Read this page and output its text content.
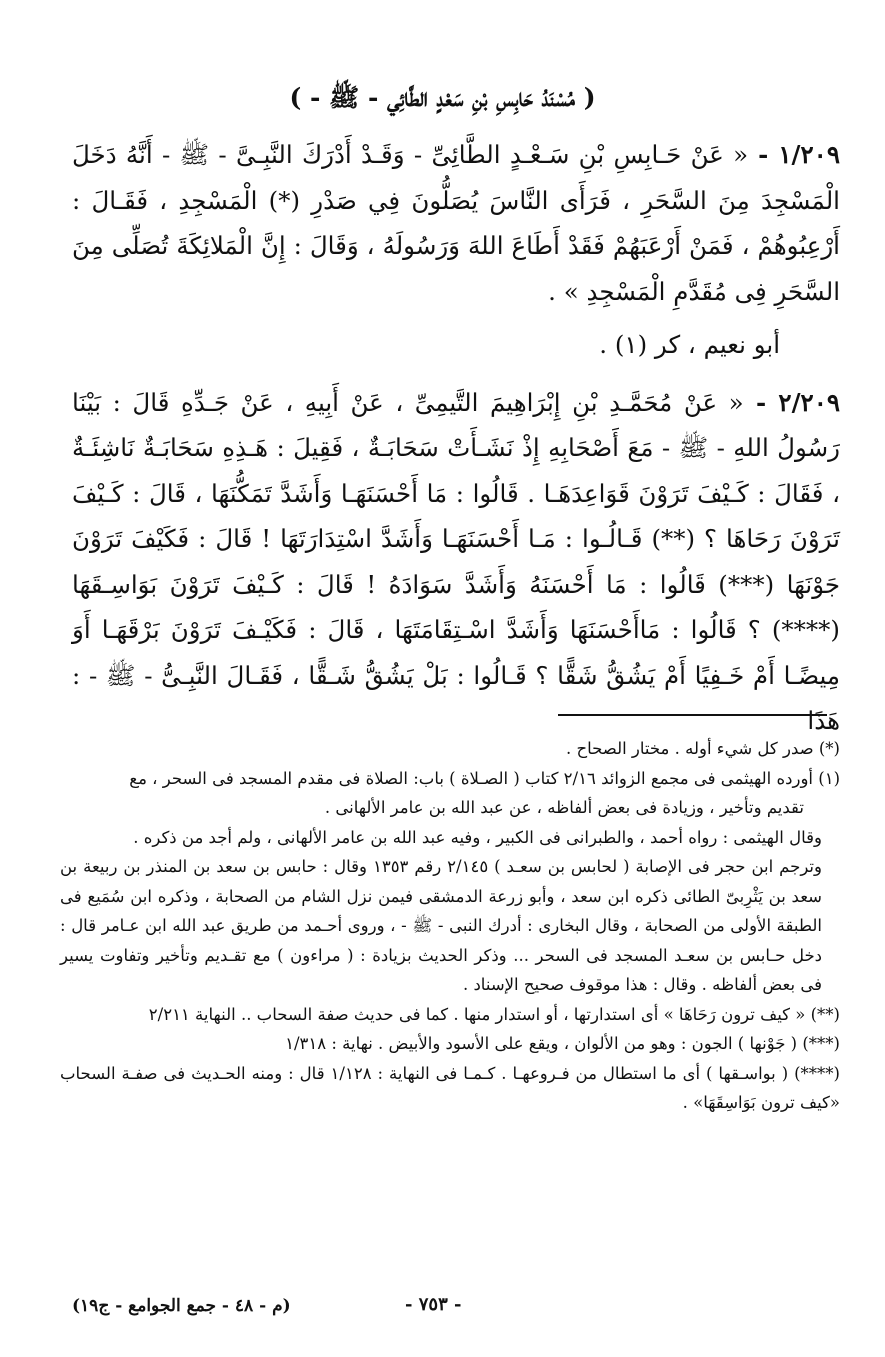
( مُسْنَدُ حَابِسِ بْنِ سَعْدٍ الطَّائِي - ﷺ - )

١/٢٠٩ - « عَنْ حَـابِسِ بْنِ سَـعْـدٍ الطَّائِىِّ - وَقَـدْ أَدْرَكَ النَّبِـىَّ - ﷺ - أَنَّهُ دَخَلَ الْمَسْجِدَ مِنَ السَّحَرِ ، فَرَأَى النَّاسَ يُصَلُّونَ فِي صَدْرِ (*) الْمَسْجِدِ ، فَقَـالَ : أَرْعِبُوهُمْ ، فَمَنْ أَرْعَبَهُمْ فَقَدْ أَطَاعَ اللهَ وَرَسُولَهُ ، وَقَالَ : إِنَّ الْمَلائِكَةَ تُصَلِّى مِنَ السَّحَرِ فِى مُقَدَّمِ الْمَسْجِدِ » .

أبو نعيم ، كر (١) .

٢/٢٠٩ - « عَنْ مُحَمَّـدِ بْنِ إِبْرَاهِيمَ التَّيمِىِّ ، عَنْ أَبِيهِ ، عَنْ جَـدِّهِ قَالَ : بَيْنَا رَسُولُ اللهِ - ﷺ - مَعَ أَصْحَابِهِ إِذْ نَشَـأَتْ سَحَابَـةٌ ، فَقِيلَ : هَـذِهِ سَحَابَـةٌ نَاشِئَـةٌ ، فَقَالَ : كَـيْفَ تَرَوْنَ قَوَاعِدَهَـا . قَالُوا : مَا أَحْسَنَهَـا وَأَشَدَّ تَمَكُّنَهَا ، قَالَ : كَـيْفَ تَرَوْنَ رَحَاهَا ؟ (**) قَـالُـوا : مَـا أَحْسَنَهَـا وَأَشَدَّ اسْتِدَارَتَهَا ! قَالَ : فَكَيْفَ تَرَوْنَ جَوْنَهَا (***) قَالُوا : مَا أَحْسَنَهُ وَأَشَدَّ سَوَادَهُ ! قَالَ : كَـيْفَ تَرَوْنَ بَوَاسِـقَهَا (****) ؟ قَالُوا : مَاأَحْسَنَهَا وَأَشَدَّ اسْـتِقَامَتَهَا ، قَالَ : فَكَيْـفَ تَرَوْنَ بَرْقَهَـا أَوَ مِيضًـا أَمْ خَـفِيًا أَمْ يَشُقُّ شَقًّا ؟ قَـالُوا : بَلْ يَشُقُّ شَـقًّا ، فَقَـالَ النَّبِـىُّ - ﷺ - : هَذَا

(*) صدر كل شيء أوله . مختار الصحاح .

(١) أورده الهيثمى فى مجمع الزوائد ٢/١٦ كتاب ( الصـلاة ) باب: الصلاة فى مقدم المسجد فى السحر ، مع

تقديم وتأخير ، وزيادة فى بعض ألفاظه ، عن عبد الله بن عامر الألهانى .

وقال الهيثمى : رواه أحمد ، والطبرانى فى الكبير ، وفيه عبد الله بن عامر الألهانى ، ولم أجد من ذكره .

وترجم ابن حجر فى الإصابة ( لحابس بن سعـد ) ٢/١٤٥ رقم ١٣٥٣ وقال : حابس بن سعد بن المنذر بن ربيعة بن سعد بن يَثْرِبىّ الطائى ذكره ابن سعد ، وأبو زرعة الدمشقى فيمن نزل الشام من الصحابة ، وذكره ابن سُمَيع فى الطبقة الأولى من الصحابة ، وقال البخارى : أدرك النبى - ﷺ - ، وروى أحـمد من طريق عبد الله ابن عـامر قال : دخل حـابس بن سعـد المسجد فى السحر ... وذكر الحديث بزيادة : ( مراءون ) مع تقـديم وتأخير وتفاوت يسير فى بعض ألفاظه . وقال : هذا موقوف صحيح الإسناد .

(**) « كيف ترون رَحَاهَا » أى استدارتها ، أو استدار منها . كما فى حديث صفة السحاب .. النهاية ٢/٢١١

(***) ( جَوْنها ) الجون : وهو من الألوان ، ويقع على الأسود والأبيض . نهاية : ١/٣١٨

(****) ( بواسـقها ) أى ما استطال من فـروعهـا . كـمـا فى النهاية : ١/١٢٨ قال : ومنه الحـديث فى صفـة السحاب «كيف ترون بَوَاسِقَهَا» .

- ٧٥٣ -
(م - ٤٨ - جمع الجوامع - ج١٩)
